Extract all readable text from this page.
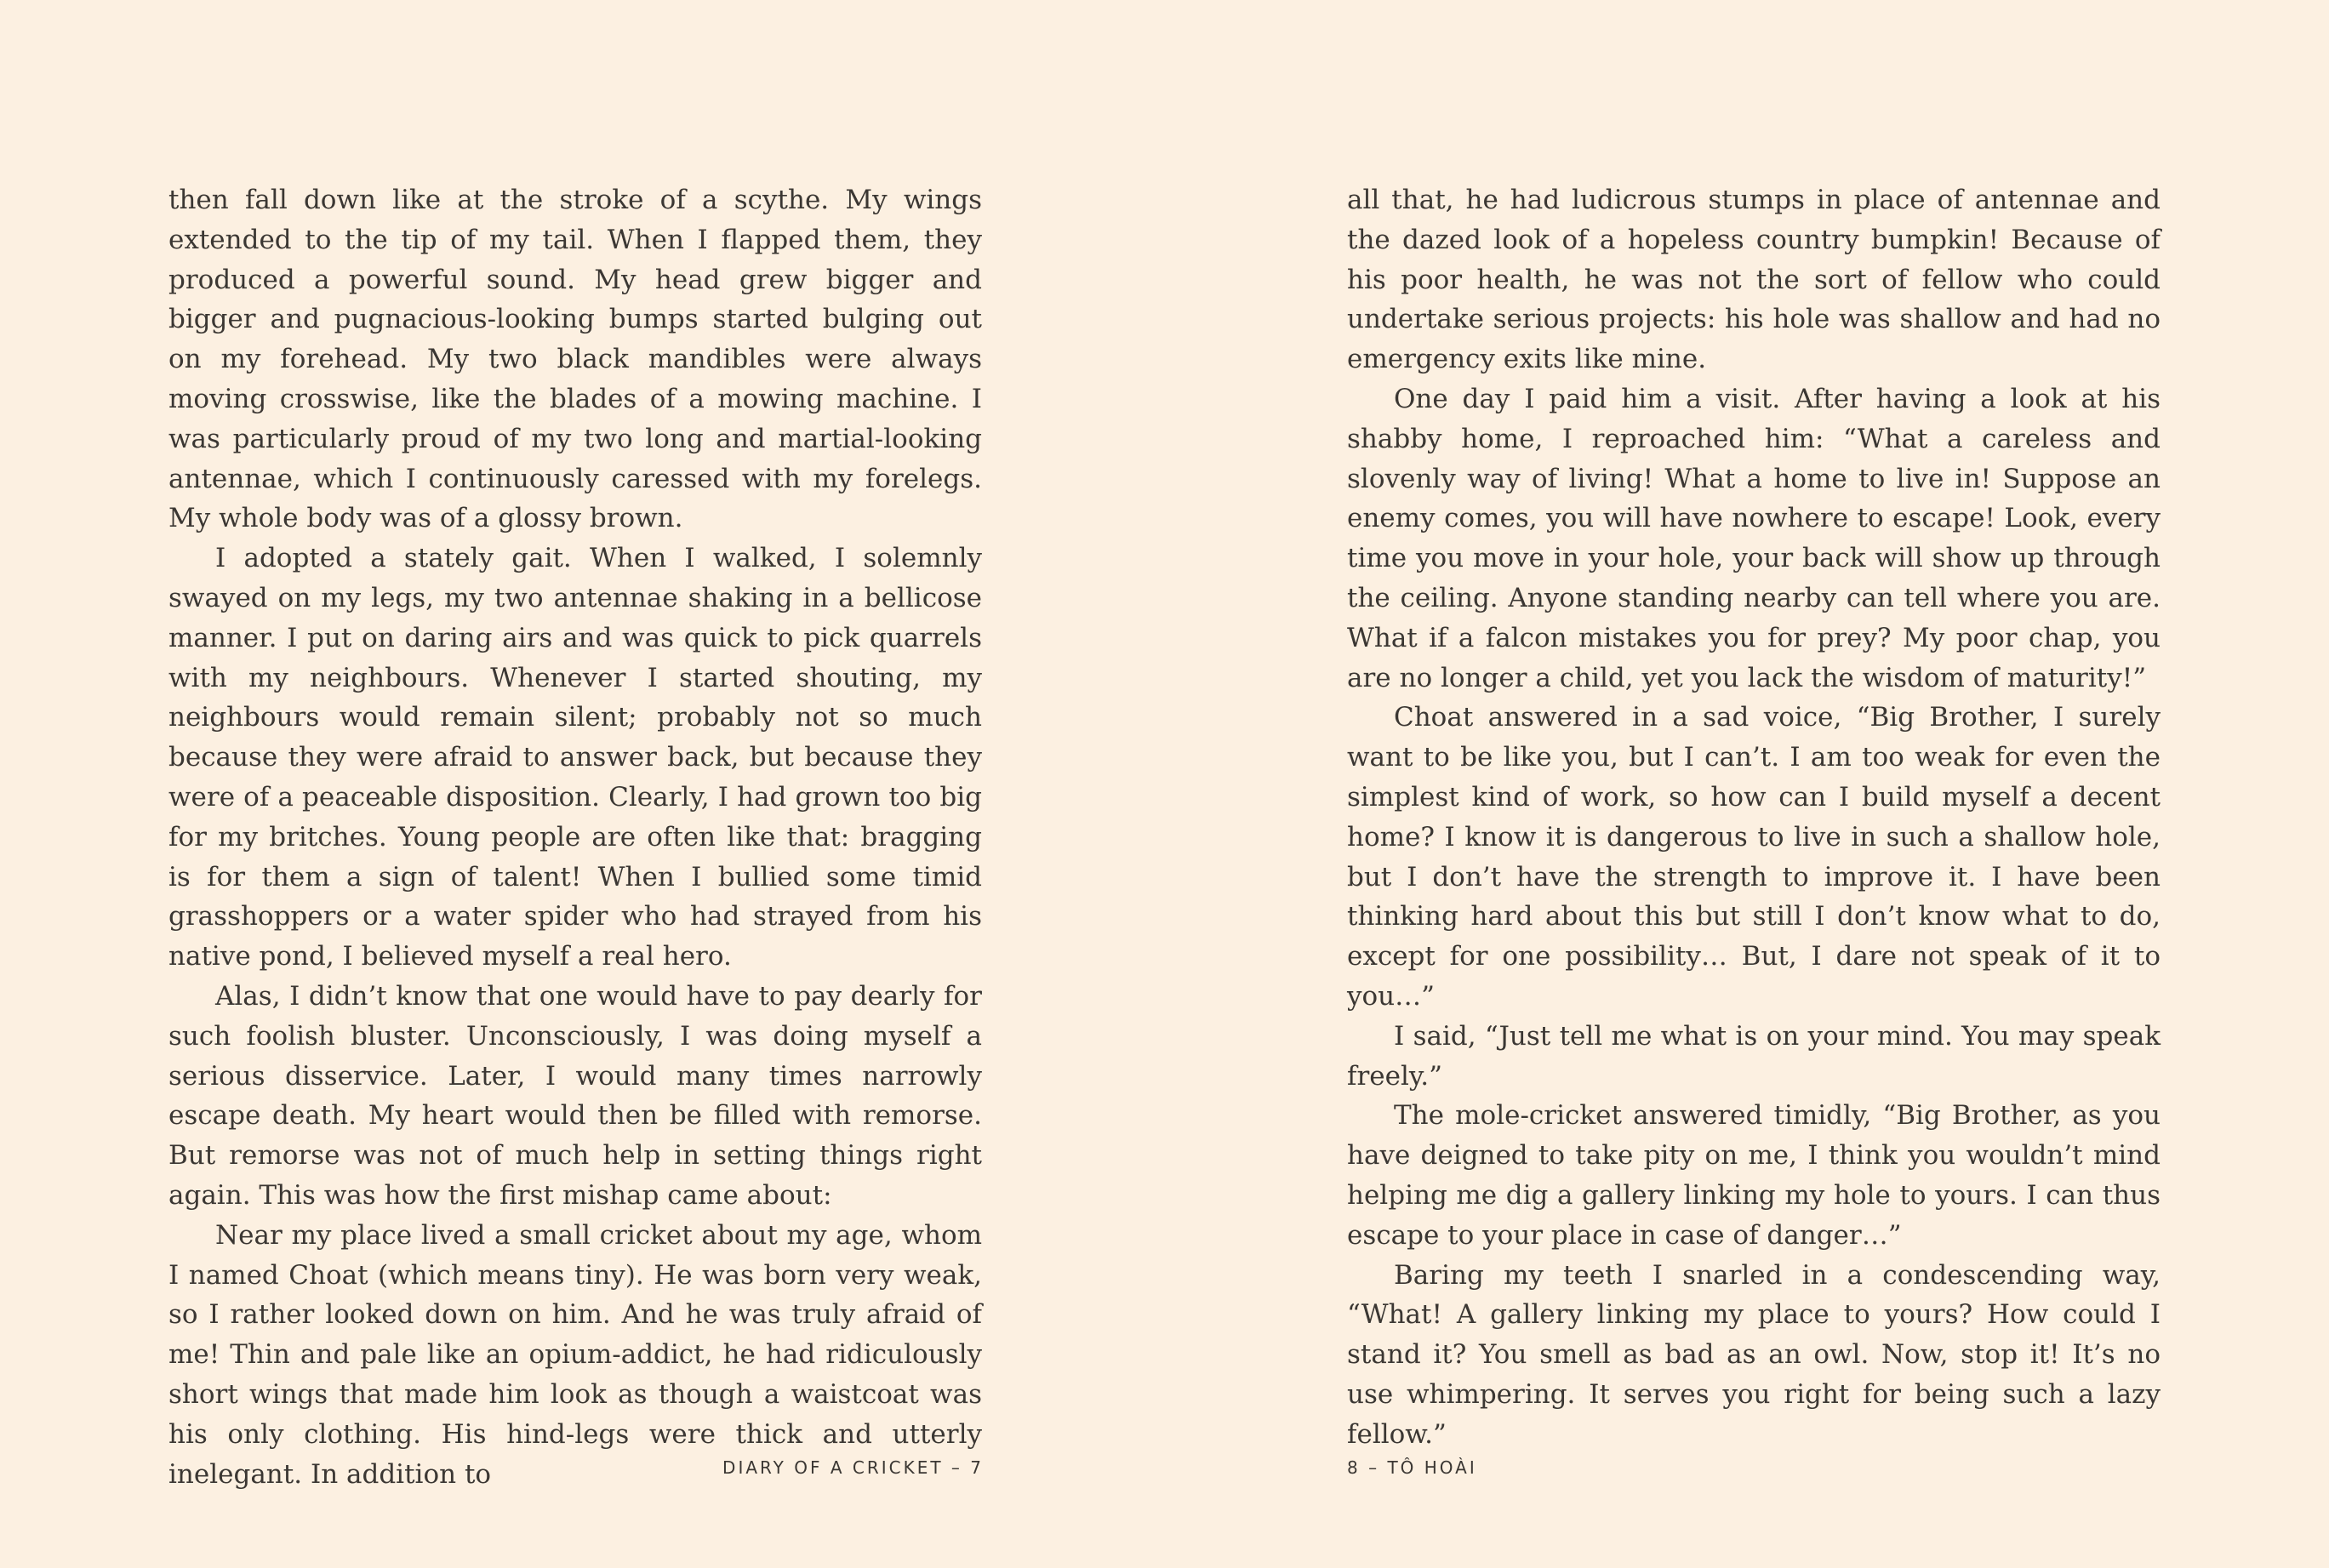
then fall down like at the stroke of a scythe. My wings extended to the tip of my tail. When I flapped them, they produced a powerful sound. My head grew bigger and bigger and pugnacious-looking bumps started bulging out on my forehead. My two black mandibles were always moving crosswise, like the blades of a mowing machine. I was particularly proud of my two long and martial-looking antennae, which I continuously caressed with my forelegs. My whole body was of a glossy brown.

I adopted a stately gait. When I walked, I solemnly swayed on my legs, my two antennae shaking in a bellicose manner. I put on daring airs and was quick to pick quarrels with my neighbours. Whenever I started shouting, my neighbours would remain silent; probably not so much because they were afraid to answer back, but because they were of a peaceable disposition. Clearly, I had grown too big for my britches. Young people are often like that: bragging is for them a sign of talent! When I bullied some timid grasshoppers or a water spider who had strayed from his native pond, I believed myself a real hero.

Alas, I didn’t know that one would have to pay dearly for such foolish bluster. Unconsciously, I was doing myself a serious disservice. Later, I would many times narrowly escape death. My heart would then be filled with remorse. But remorse was not of much help in setting things right again. This was how the first mishap came about:

Near my place lived a small cricket about my age, whom I named Choat (which means tiny). He was born very weak, so I rather looked down on him. And he was truly afraid of me! Thin and pale like an opium-addict, he had ridiculously short wings that made him look as though a waistcoat was his only clothing. His hind-legs were thick and utterly inelegant. In addition to	DIARY OF A CRICKET – 7

all that, he had ludicrous stumps in place of antennae and the dazed look of a hopeless country bumpkin! Because of his poor health, he was not the sort of fellow who could undertake serious projects: his hole was shallow and had no emergency exits like mine.

One day I paid him a visit. After having a look at his shabby home, I reproached him: “What a careless and slovenly way of living! What a home to live in! Suppose an enemy comes, you will have nowhere to escape! Look, every time you move in your hole, your back will show up through the ceiling. Anyone standing nearby can tell where you are. What if a falcon mistakes you for prey? My poor chap, you are no longer a child, yet you lack the wisdom of maturity!”

Choat answered in a sad voice, “Big Brother, I surely want to be like you, but I can’t. I am too weak for even the simplest kind of work, so how can I build myself a decent home? I know it is dangerous to live in such a shallow hole, but I don’t have the strength to improve it. I have been thinking hard about this but still I don’t know what to do, except for one possibility… But, I dare not speak of it to you…”

I said, “Just tell me what is on your mind. You may speak freely.”

The mole-cricket answered timidly, “Big Brother, as you have deigned to take pity on me, I think you wouldn’t mind helping me dig a gallery linking my hole to yours. I can thus escape to your place in case of danger…”

Baring my teeth I snarled in a condescending way, “What! A gallery linking my place to yours? How could I stand it? You smell as bad as an owl. Now, stop it! It’s no use whimpering. It serves you right for being such a lazy fellow.”

8 – TÔ HOÀI
